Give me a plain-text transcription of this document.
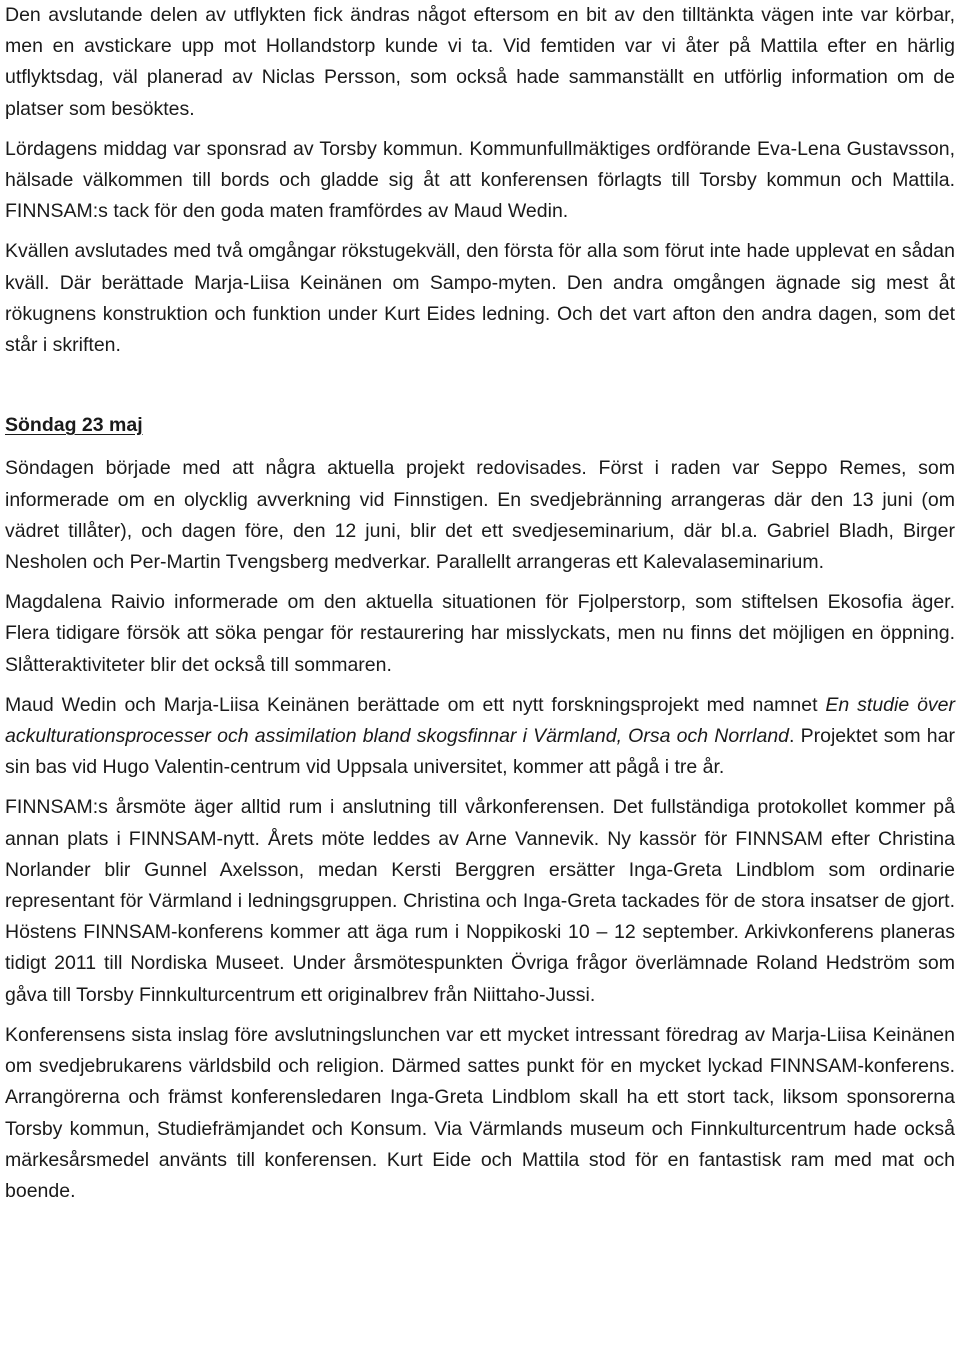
Den avslutande delen av utflykten fick ändras något eftersom en bit av den tilltänkta vägen inte var körbar, men en avstickare upp mot Hollandstorp kunde vi ta. Vid femtiden var vi åter på Mattila efter en härlig utflyktsdag, väl planerad av Niclas Persson, som också hade sammanställt en utförlig information om de platser som besöktes.

Lördagens middag var sponsrad av Torsby kommun. Kommunfullmäktiges ordförande Eva-Lena Gustavsson, hälsade välkommen till bords och gladde sig åt att konferensen förlagts till Torsby kommun och Mattila. FINNSAM:s tack för den goda maten framfördes av Maud Wedin.

Kvällen avslutades med två omgångar rökstugekväll, den första för alla som förut inte hade upplevat en sådan kväll. Där berättade Marja-Liisa Keinänen om Sampo-myten. Den andra omgången ägnade sig mest åt rökugnens konstruktion och funktion under Kurt Eides ledning. Och det vart afton den andra dagen, som det står i skriften.

Söndag 23 maj

Söndagen började med att några aktuella projekt redovisades. Först i raden var Seppo Remes, som informerade om en olycklig avverkning vid Finnstigen. En svedjebränning arrangeras där den 13 juni (om vädret tillåter), och dagen före, den 12 juni, blir det ett svedjeseminarium, där bl.a. Gabriel Bladh, Birger Nesholen och Per-Martin Tvengsberg medverkar. Parallellt arrangeras ett Kalevalaseminarium.

Magdalena Raivio informerade om den aktuella situationen för Fjolperstorp, som stiftelsen Ekosofia äger. Flera tidigare försök att söka pengar för restaurering har misslyckats, men nu finns det möjligen en öppning. Slåtteraktiviteter blir det också till sommaren.

Maud Wedin och Marja-Liisa Keinänen berättade om ett nytt forskningsprojekt med namnet En studie över ackulturationsprocesser och assimilation bland skogsfinnar i Värmland, Orsa och Norrland. Projektet som har sin bas vid Hugo Valentin-centrum vid Uppsala universitet, kommer att pågå i tre år.

FINNSAM:s årsmöte äger alltid rum i anslutning till vårkonferensen. Det fullständiga protokollet kommer på annan plats i FINNSAM-nytt. Årets möte leddes av Arne Vannevik. Ny kassör för FINNSAM efter Christina Norlander blir Gunnel Axelsson, medan Kersti Berggren ersätter Inga-Greta Lindblom som ordinarie representant för Värmland i ledningsgruppen. Christina och Inga-Greta tackades för de stora insatser de gjort. Höstens FINNSAM-konferens kommer att äga rum i Noppikoski 10 – 12 september. Arkivkonferens planeras tidigt 2011 till Nordiska Museet. Under årsmötespunkten Övriga frågor överlämnade Roland Hedström som gåva till Torsby Finnkulturcentrum ett originalbrev från Niittaho-Jussi.

Konferensens sista inslag före avslutningslunchen var ett mycket intressant föredrag av Marja-Liisa Keinänen om svedjebrukarens världsbild och religion. Därmed sattes punkt för en mycket lyckad FINNSAM-konferens. Arrangörerna och främst konferensledaren Inga-Greta Lindblom skall ha ett stort tack, liksom sponsorerna Torsby kommun, Studiefrämjandet och Konsum. Via Värmlands museum och Finnkulturcentrum hade också märkesårsmedel använts till konferensen. Kurt Eide och Mattila stod för en fantastisk ram med mat och boende.
